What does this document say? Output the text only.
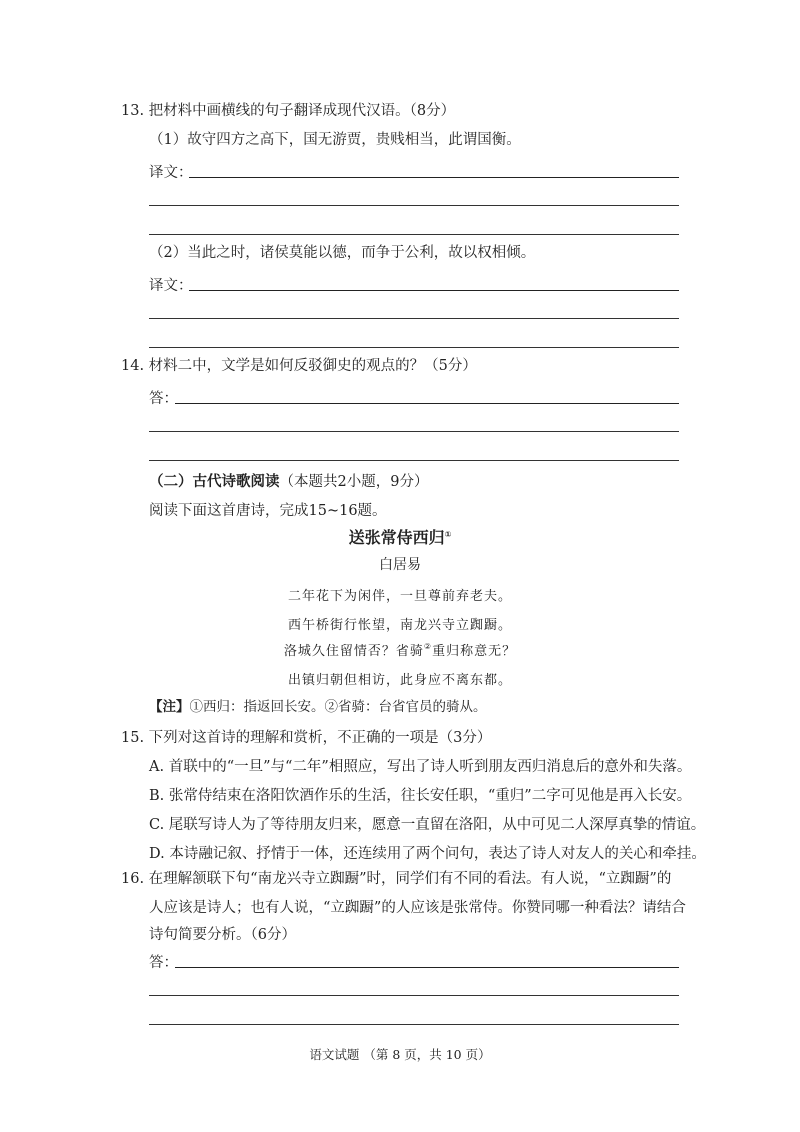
13. 把材料中画横线的句子翻译成现代汉语。（8分）
（1）故守四方之高下，国无游贾，贵贱相当，此谓国衡。
译文：
（2）当此之时，诸侯莫能以德，而争于公利，故以权相倾。
译文：
14. 材料二中，文学是如何反驳御史的观点的？（5分）
答：
（二）古代诗歌阅读（本题共2小题，9分）
阅读下面这首唐诗，完成15~16题。
送张常侍西归①
白居易
二年花下为闲伴，一旦尊前弃老夫。
西午桥街行怅望，南龙兴寺立踟蹰。
洛城久住留情否？省骑②重归称意无？
出镇归朝但相访，此身应不离东都。
【注】①西归：指返回长安。②省骑：台省官员的骑从。
15. 下列对这首诗的理解和赏析，不正确的一项是（3分）
A. 首联中的“一旦”与“二年”相照应，写出了诗人听到朋友西归消息后的意外和失落。
B. 张常侍结束在洛阳饮酒作乐的生活，往长安任职，“重归”二字可见他是再入长安。
C. 尾联写诗人为了等待朋友归来，愿意一直留在洛阳，从中可见二人深厚真挚的情谊。
D. 本诗融记叙、抒情于一体，还连续用了两个问句，表达了诗人对友人的关心和牵挂。
16. 在理解颔联下句“南龙兴寺立踟蹰”时，同学们有不同的看法。有人说，“立踟蹰”的
人应该是诗人；也有人说，“立踟蹰”的人应该是张常侍。你赞同哪一种看法？请结合
诗句简要分析。（6分）
答：
语文试题 （第 8 页，共 10 页）
